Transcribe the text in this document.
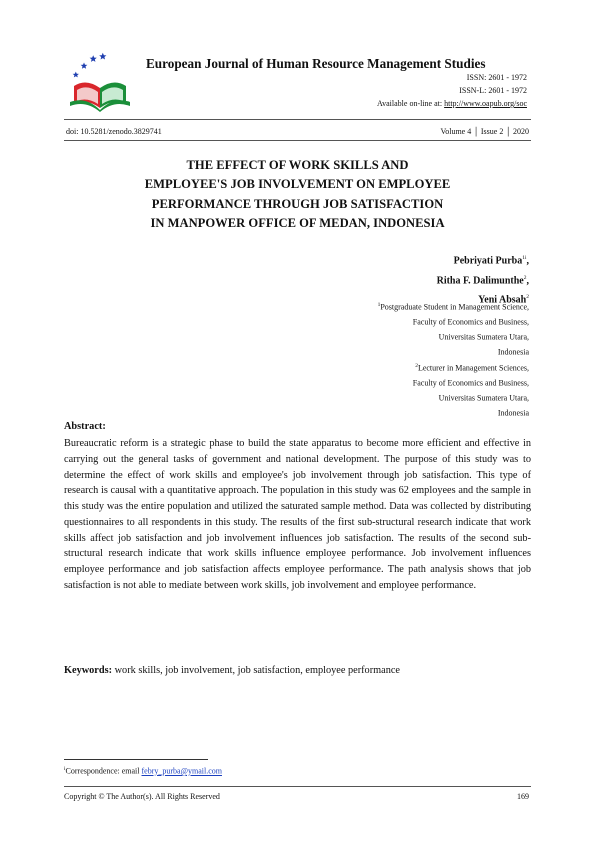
European Journal of Human Resource Management Studies
ISSN: 2601 - 1972
ISSN-L: 2601 - 1972
Available on-line at: http://www.oapub.org/soc
doi: 10.5281/zenodo.3829741	Volume 4 │ Issue 2 │ 2020
THE EFFECT OF WORK SKILLS AND
EMPLOYEE'S JOB INVOLVEMENT ON EMPLOYEE
PERFORMANCE THROUGH JOB SATISFACTION
IN MANPOWER OFFICE OF MEDAN, INDONESIA
Pebriyati Purba$^{1i}$,
Ritha F. Dalimunthe$^2$,
Yeni Absah$^2$
$^1$Postgraduate Student in Management Science,
Faculty of Economics and Business,
Universitas Sumatera Utara,
Indonesia
$^2$Lecturer in Management Sciences,
Faculty of Economics and Business,
Universitas Sumatera Utara,
Indonesia
Abstract:
Bureaucratic reform is a strategic phase to build the state apparatus to become more efficient and effective in carrying out the general tasks of government and national development. The purpose of this study was to determine the effect of work skills and employee's job involvement through job satisfaction. This type of research is causal with a quantitative approach. The population in this study was 62 employees and the sample in this study was the entire population and utilized the saturated sample method. Data was collected by distributing questionnaires to all respondents in this study. The results of the first sub-structural research indicate that work skills affect job satisfaction and job involvement influences job satisfaction. The results of the second sub-structural research indicate that work skills influence employee performance. Job involvement influences employee performance and job satisfaction affects employee performance. The path analysis shows that job satisfaction is not able to mediate between work skills, job involvement and employee performance.
Keywords: work skills, job involvement, job satisfaction, employee performance
$^i$Correspondence: email febry_purba@ymail.com
Copyright © The Author(s). All Rights Reserved	169
